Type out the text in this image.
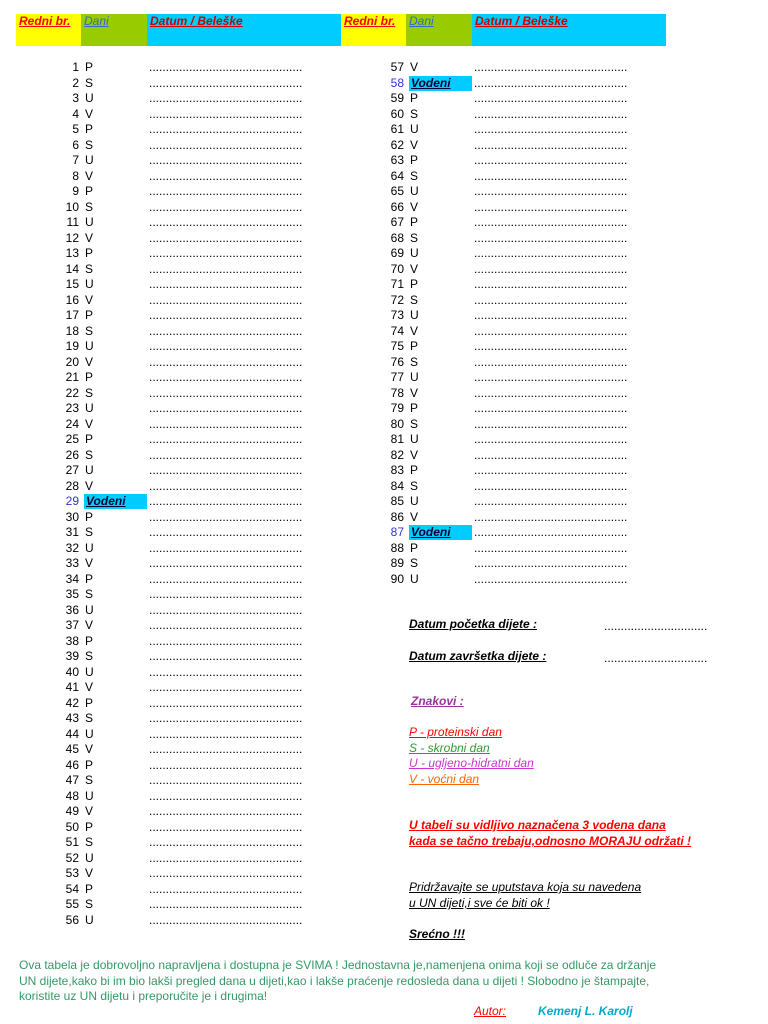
Redni br.	Dani	Datum / Beleške	Redni br.	Dani	Datum / Beleške
1 P	..............................................
2 S	..............................................
3 U	..............................................
4 V	..............................................
5 P	..............................................
6 S	..............................................
7 U	..............................................
8 V	..............................................
9 P	..............................................
10 S	..............................................
11 U	..............................................
12 V	..............................................
13 P	..............................................
14 S	..............................................
15 U	..............................................
16 V	..............................................
17 P	..............................................
18 S	..............................................
19 U	..............................................
20 V	..............................................
21 P	..............................................
22 S	..............................................
23 U	..............................................
24 V	..............................................
25 P	..............................................
26 S	..............................................
27 U	..............................................
28 V	..............................................
29 Vodeni	..............................................
30 P	..............................................
31 S	..............................................
32 U	..............................................
33 V	..............................................
34 P	..............................................
35 S	..............................................
36 U	..............................................
37 V	..............................................
38 P	..............................................
39 S	..............................................
40 U	..............................................
41 V	..............................................
42 P	..............................................
43 S	..............................................
44 U	..............................................
45 V	..............................................
46 P	..............................................
47 S	..............................................
48 U	..............................................
49 V	..............................................
50 P	..............................................
51 S	..............................................
52 U	..............................................
53 V	..............................................
54 P	..............................................
55 S	..............................................
56 U	..............................................
57 V	..............................................
58 Vodeni	..............................................
59 P	..............................................
60 S	..............................................
61 U	..............................................
62 V	..............................................
63 P	..............................................
64 S	..............................................
65 U	..............................................
66 V	..............................................
67 P	..............................................
68 S	..............................................
69 U	..............................................
70 V	..............................................
71 P	..............................................
72 S	..............................................
73 U	..............................................
74 V	..............................................
75 P	..............................................
76 S	..............................................
77 U	..............................................
78 V	..............................................
79 P	..............................................
80 S	..............................................
81 U	..............................................
82 V	..............................................
83 P	..............................................
84 S	..............................................
85 U	..............................................
86 V	..............................................
87 Vodeni	..............................................
88 P	..............................................
89 S	..............................................
90 U	..............................................
Datum početka dijete :	...............................
Datum završetka dijete :	...............................
Znakovi :
P - proteinski dan
S - skrobni dan
U - ugljeno-hidratni dan
V - voćni dan
U tabeli su vidljivo naznačena 3 vodena dana
kada se tačno trebaju,odnosno MORAJU održati !
Pridržavajte se uputstava koja su navedena
u UN dijeti,i sve će biti ok !
Srećno !!!
Ova tabela je dobrovoljno napravljena i dostupna je SVIMA ! Jednostavna je,namenjena onima koji se odluče za držanje
UN dijete,kako bi im bio lakši pregled dana u dijeti,kao i lakše praćenje redosleda dana u dijeti ! Slobodno je štampajte,
koristite uz UN dijetu i preporučite je i drugima!
Autor:	Kemenj L. Karolj
